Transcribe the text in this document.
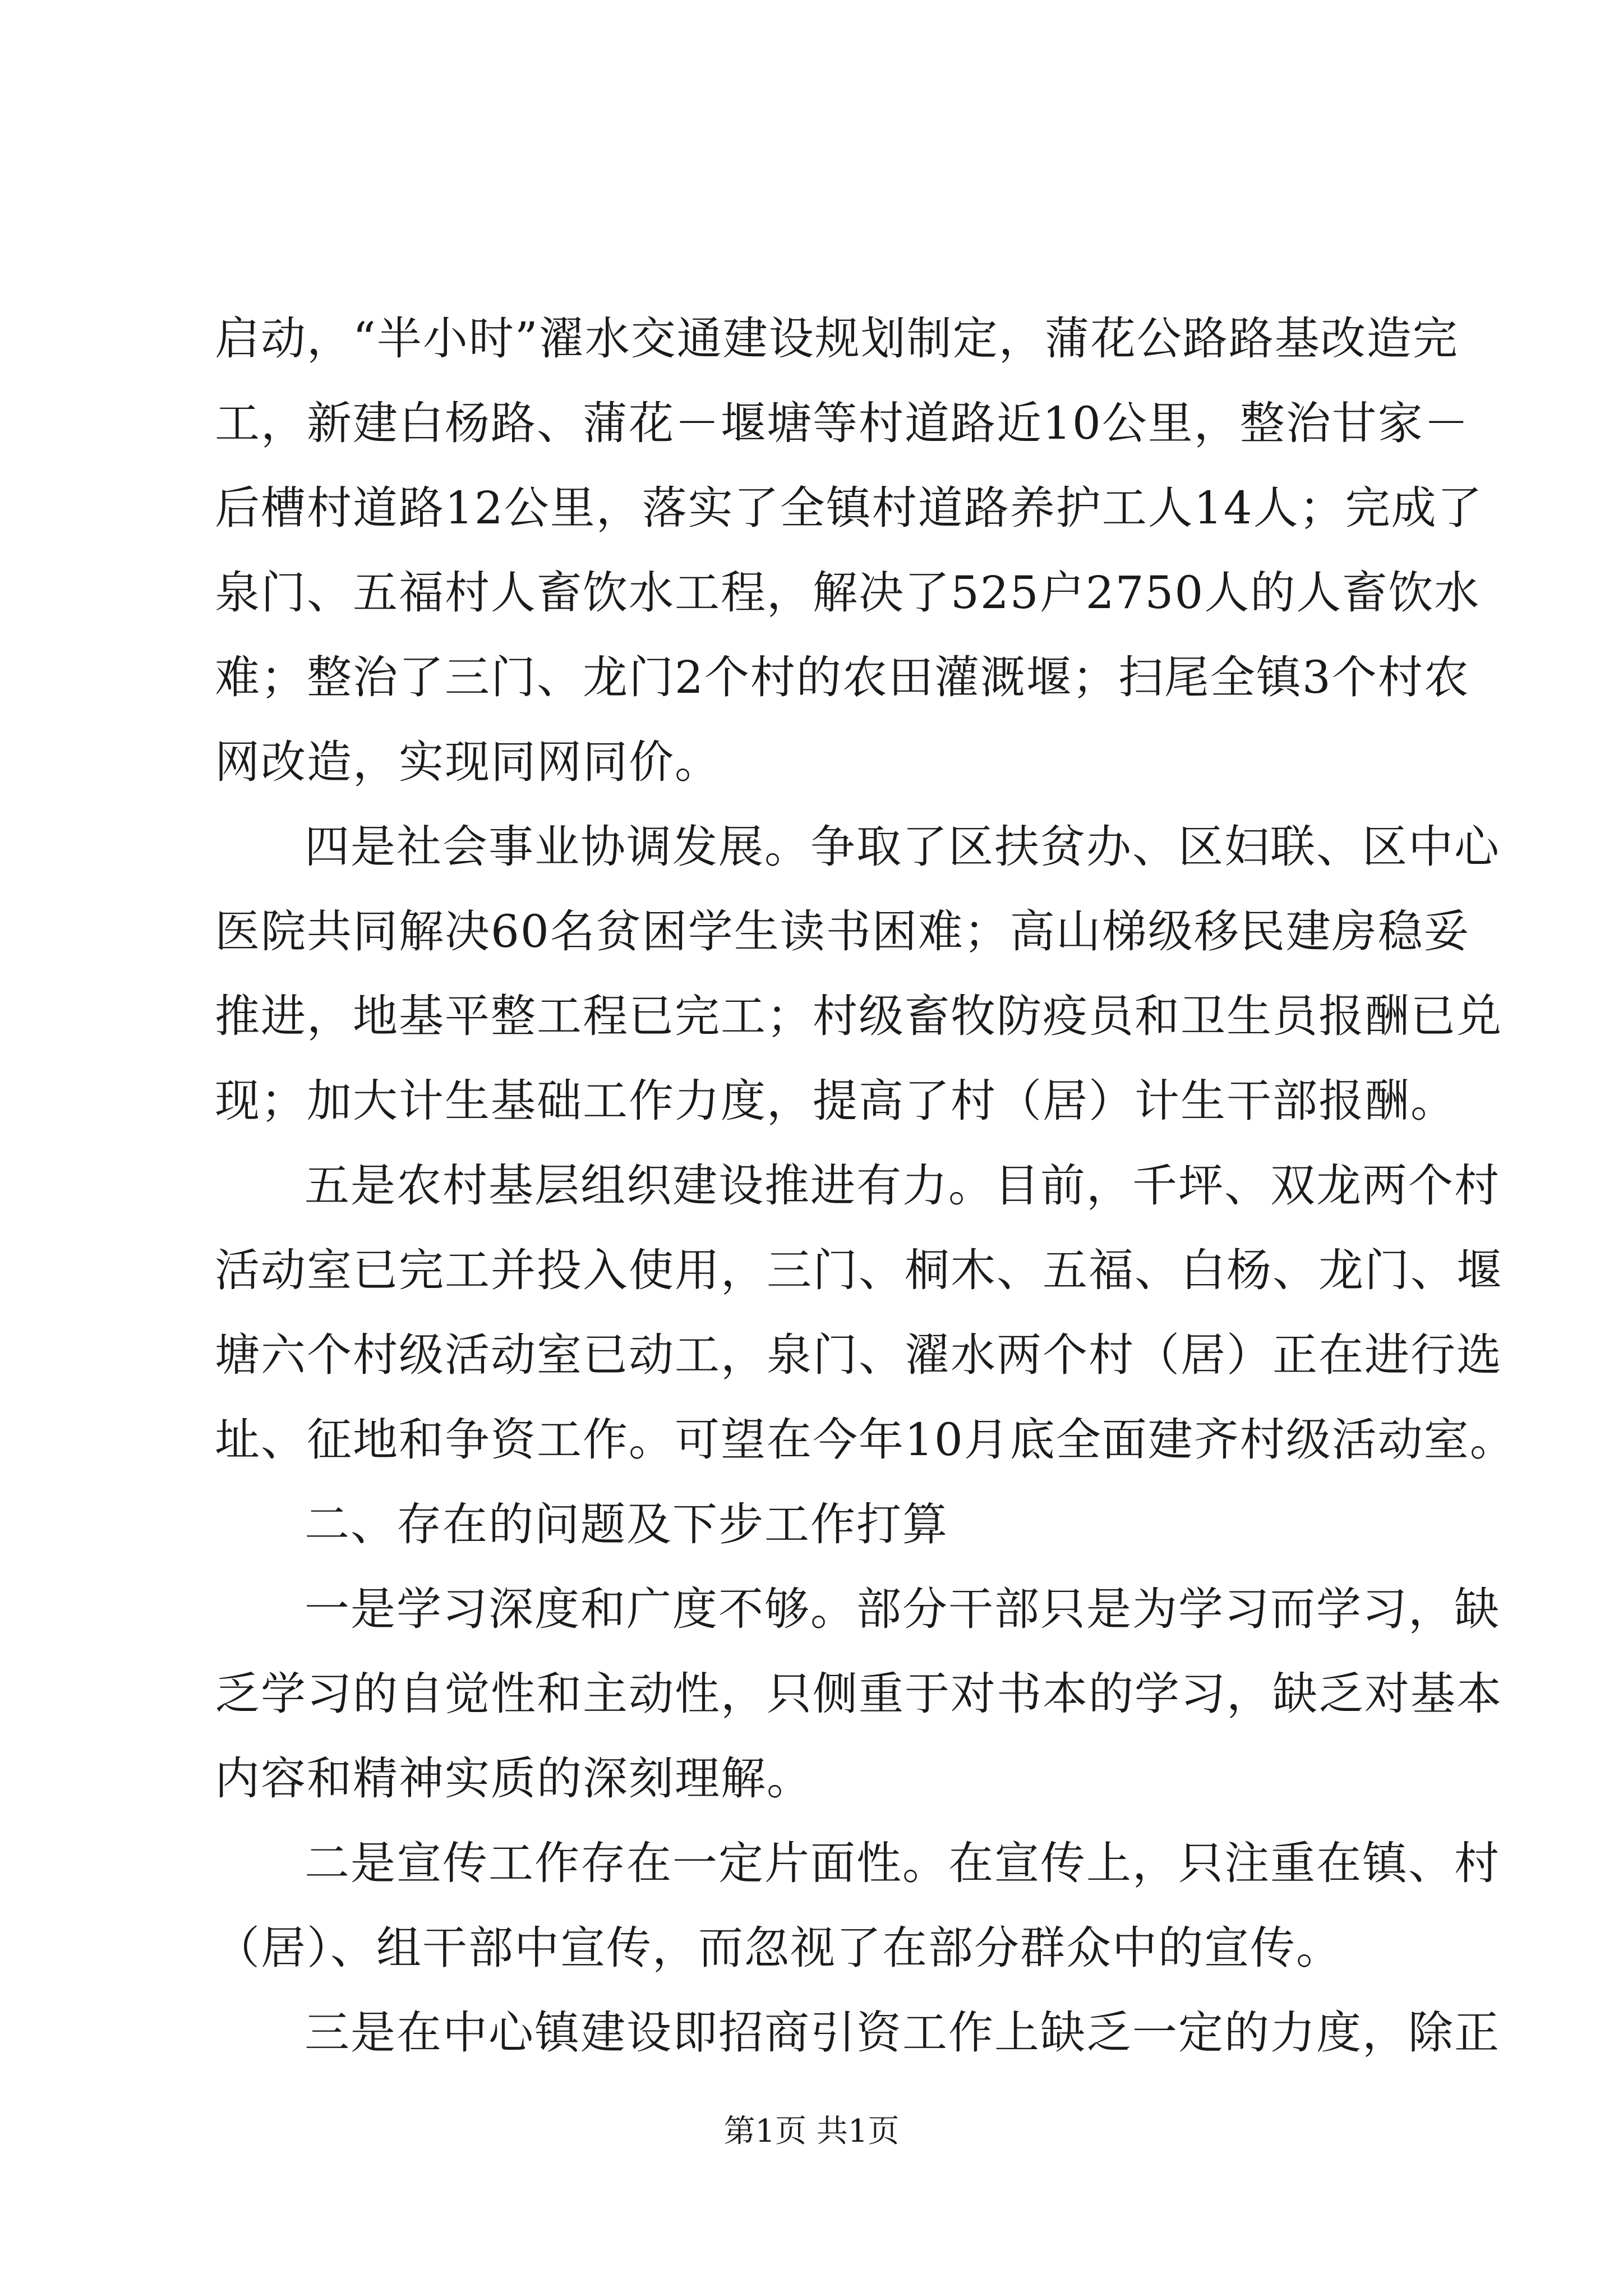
启动，“半小时”濯水交通建设规划制定，蒲花公路路基改造完
工，新建白杨路、蒲花－堰塘等村道路近10公里，整治甘家－
后槽村道路12公里，落实了全镇村道路养护工人14人；完成了
泉门、五福村人畜饮水工程，解决了525户2750人的人畜饮水
难；整治了三门、龙门2个村的农田灌溉堰；扫尾全镇3个村农
网改造，实现同网同价。
四是社会事业协调发展。争取了区扶贫办、区妇联、区中心
医院共同解决60名贫困学生读书困难；高山梯级移民建房稳妥
推进，地基平整工程已完工；村级畜牧防疫员和卫生员报酬已兑
现；加大计生基础工作力度，提高了村（居）计生干部报酬。
五是农村基层组织建设推进有力。目前，千坪、双龙两个村
活动室已完工并投入使用，三门、桐木、五福、白杨、龙门、堰
塘六个村级活动室已动工，泉门、濯水两个村（居）正在进行选
址、征地和争资工作。可望在今年10月底全面建齐村级活动室。
二、存在的问题及下步工作打算
一是学习深度和广度不够。部分干部只是为学习而学习，缺
乏学习的自觉性和主动性，只侧重于对书本的学习，缺乏对基本
内容和精神实质的深刻理解。
二是宣传工作存在一定片面性。在宣传上，只注重在镇、村
（居）、组干部中宣传，而忽视了在部分群众中的宣传。
三是在中心镇建设即招商引资工作上缺乏一定的力度，除正
第1页 共1页
